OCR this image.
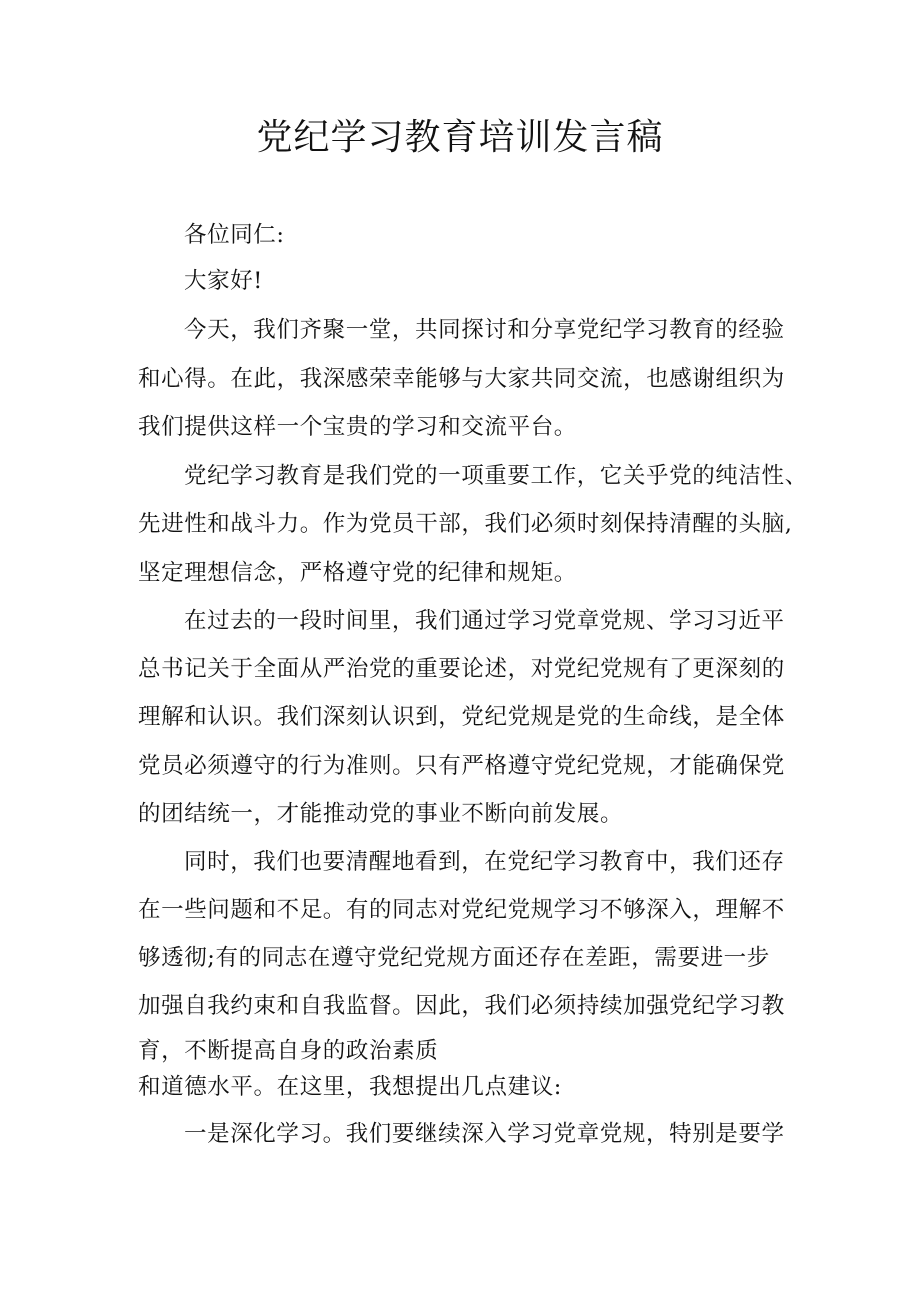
党纪学习教育培训发言稿
各位同仁:
大家好!
今天，我们齐聚一堂，共同探讨和分享党纪学习教育的经验
和心得。在此，我深感荣幸能够与大家共同交流，也感谢组织为
我们提供这样一个宝贵的学习和交流平台。
党纪学习教育是我们党的一项重要工作，它关乎党的纯洁性、
先进性和战斗力。作为党员干部，我们必须时刻保持清醒的头脑,
坚定理想信念，严格遵守党的纪律和规矩。
在过去的一段时间里，我们通过学习党章党规、学习习近平
总书记关于全面从严治党的重要论述，对党纪党规有了更深刻的
理解和认识。我们深刻认识到，党纪党规是党的生命线，是全体
党员必须遵守的行为准则。只有严格遵守党纪党规，才能确保党
的团结统一，才能推动党的事业不断向前发展。
同时，我们也要清醒地看到，在党纪学习教育中，我们还存
在一些问题和不足。有的同志对党纪党规学习不够深入，理解不
够透彻;有的同志在遵守党纪党规方面还存在差距，需要进一步
加强自我约束和自我监督。因此，我们必须持续加强党纪学习教
育，不断提高自身的政治素质
和道德水平。在这里，我想提出几点建议:
一是深化学习。我们要继续深入学习党章党规，特别是要学
